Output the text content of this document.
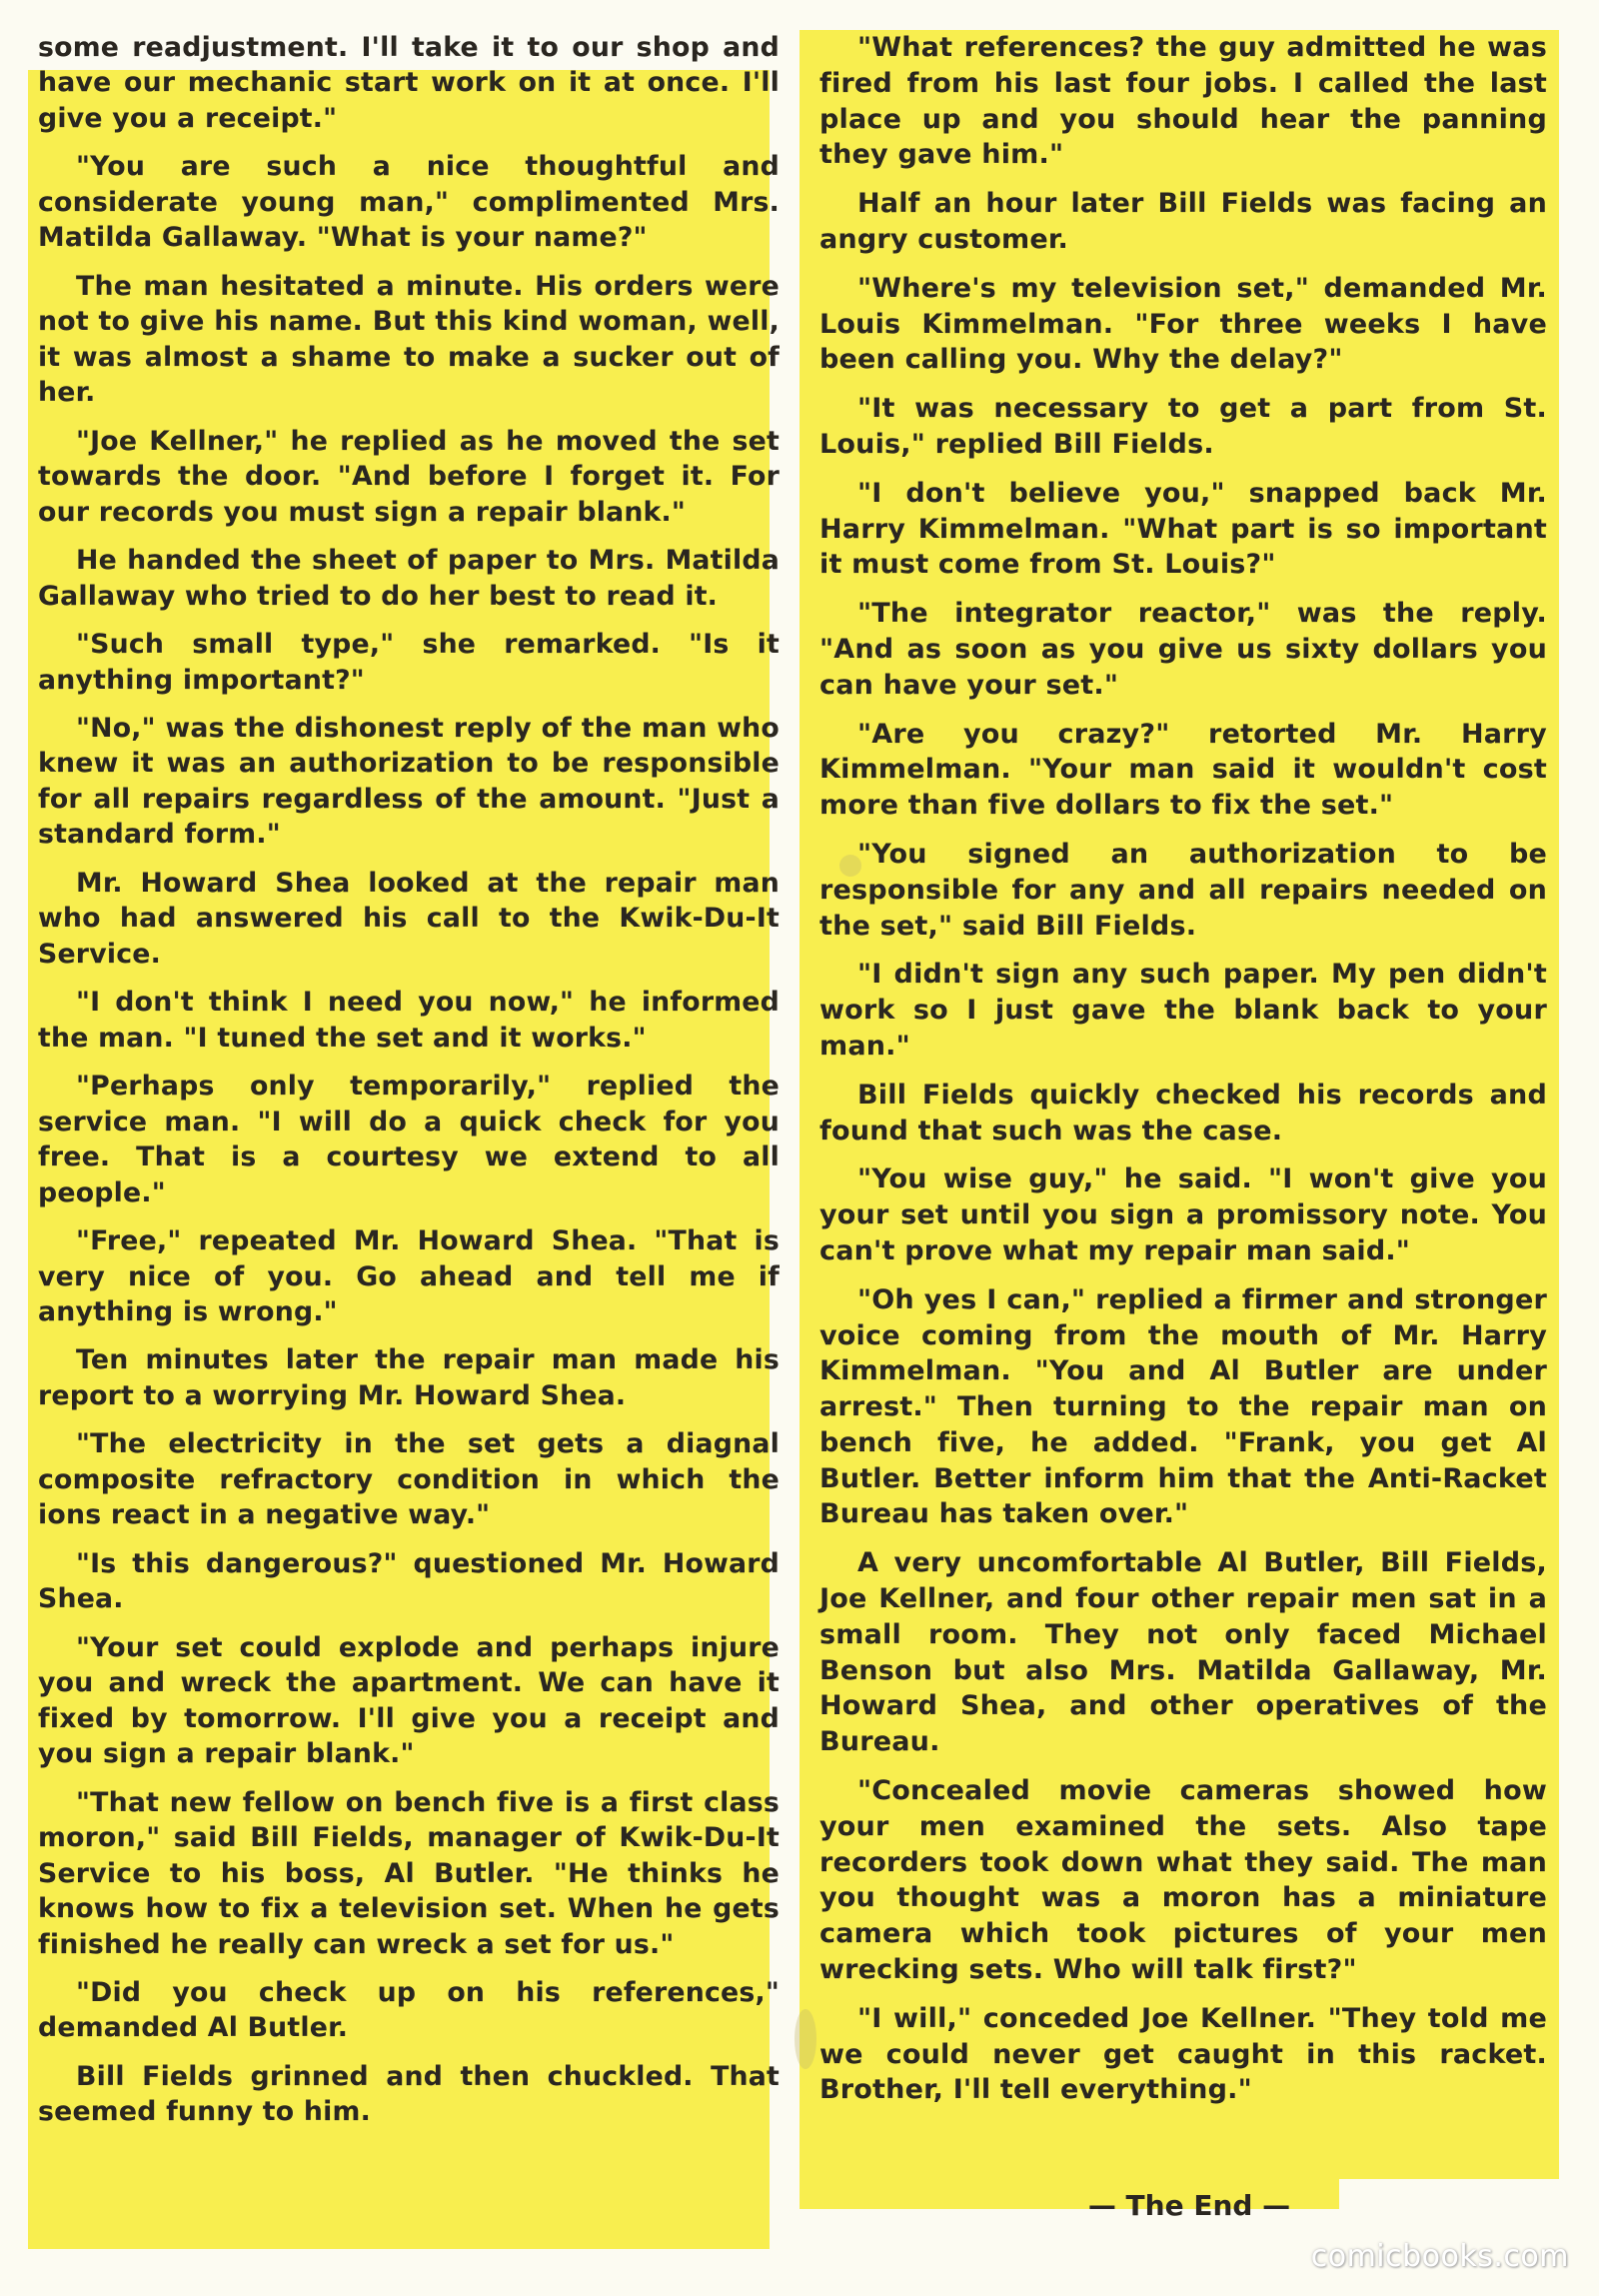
some readjustment. I'll take it to our shop and have our mechanic start work on it at once. I'll give you a receipt."

"You are such a nice thoughtful and considerate young man," complimented Mrs. Matilda Gallaway. "What is your name?"

The man hesitated a minute. His orders were not to give his name. But this kind woman, well, it was almost a shame to make a sucker out of her.

"Joe Kellner," he replied as he moved the set towards the door. "And before I forget it. For our records you must sign a repair blank."

He handed the sheet of paper to Mrs. Matilda Gallaway who tried to do her best to read it.

"Such small type," she remarked. "Is it anything important?"

"No," was the dishonest reply of the man who knew it was an authorization to be responsible for all repairs regardless of the amount. "Just a standard form."

Mr. Howard Shea looked at the repair man who had answered his call to the Kwik-Du-It Service.

"I don't think I need you now," he informed the man. "I tuned the set and it works."

"Perhaps only temporarily," replied the service man. "I will do a quick check for you free. That is a courtesy we extend to all people."

"Free," repeated Mr. Howard Shea. "That is very nice of you. Go ahead and tell me if anything is wrong."

Ten minutes later the repair man made his report to a worrying Mr. Howard Shea.

"The electricity in the set gets a diagnal composite refractory condition in which the ions react in a negative way."

"Is this dangerous?" questioned Mr. Howard Shea.

"Your set could explode and perhaps injure you and wreck the apartment. We can have it fixed by tomorrow. I'll give you a receipt and you sign a repair blank."

"That new fellow on bench five is a first class moron," said Bill Fields, manager of Kwik-Du-It Service to his boss, Al Butler. "He thinks he knows how to fix a television set. When he gets finished he really can wreck a set for us."

"Did you check up on his references," demanded Al Butler.

Bill Fields grinned and then chuckled. That seemed funny to him.

"What references? the guy admitted he was fired from his last four jobs. I called the last place up and you should hear the panning they gave him."

Half an hour later Bill Fields was facing an angry customer.

"Where's my television set," demanded Mr. Louis Kimmelman. "For three weeks I have been calling you. Why the delay?"

"It was necessary to get a part from St. Louis," replied Bill Fields.

"I don't believe you," snapped back Mr. Harry Kimmelman. "What part is so important it must come from St. Louis?"

"The integrator reactor," was the reply. "And as soon as you give us sixty dollars you can have your set."

"Are you crazy?" retorted Mr. Harry Kimmelman. "Your man said it wouldn't cost more than five dollars to fix the set."

"You signed an authorization to be responsible for any and all repairs needed on the set," said Bill Fields.

"I didn't sign any such paper. My pen didn't work so I just gave the blank back to your man."

Bill Fields quickly checked his records and found that such was the case.

"You wise guy," he said. "I won't give you your set until you sign a promissory note. You can't prove what my repair man said."

"Oh yes I can," replied a firmer and stronger voice coming from the mouth of Mr. Harry Kimmelman. "You and Al Butler are under arrest." Then turning to the repair man on bench five, he added. "Frank, you get Al Butler. Better inform him that the Anti-Racket Bureau has taken over."

A very uncomfortable Al Butler, Bill Fields, Joe Kellner, and four other repair men sat in a small room. They not only faced Michael Benson but also Mrs. Matilda Gallaway, Mr. Howard Shea, and other operatives of the Bureau.

"Concealed movie cameras showed how your men examined the sets. Also tape recorders took down what they said. The man you thought was a moron has a miniature camera which took pictures of your men wrecking sets. Who will talk first?"

"I will," conceded Joe Kellner. "They told me we could never get caught in this racket. Brother, I'll tell everything."

— The End —
comicbooks.com
